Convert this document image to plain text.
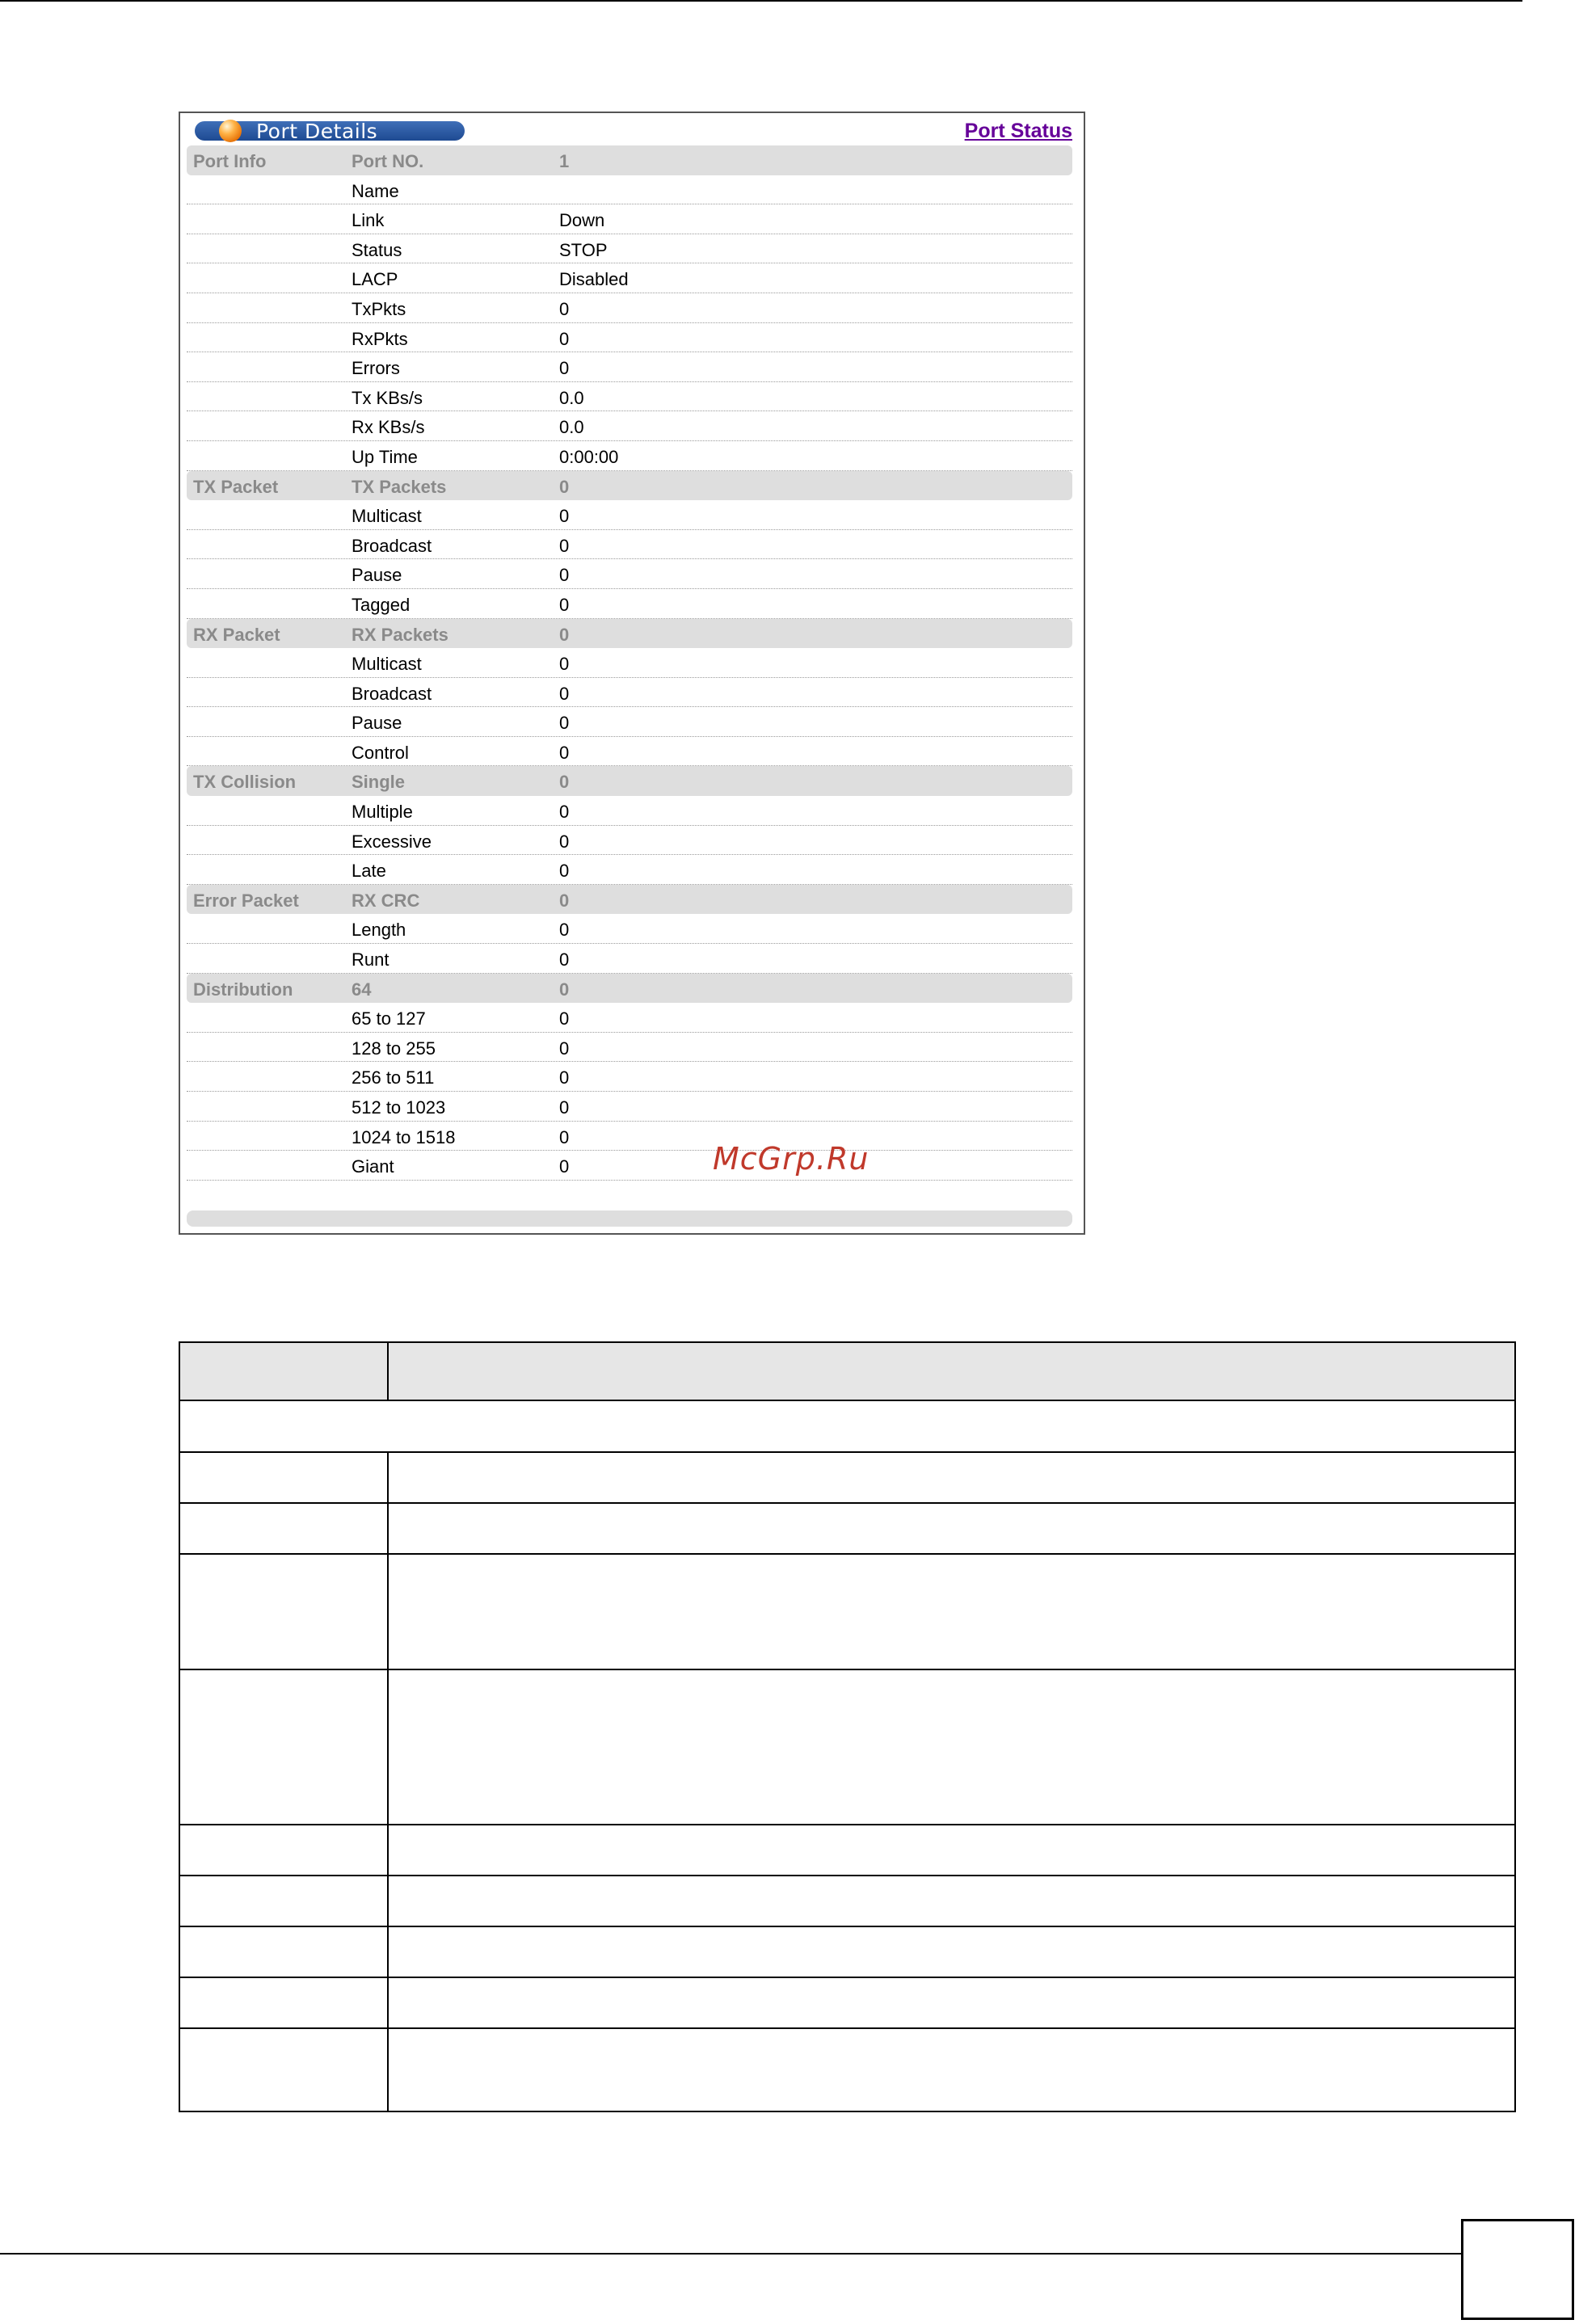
Port Details	Port Status
Port Info	Port NO.	1
Name
Link	Down
Status	STOP
LACP	Disabled
TxPkts	0
RxPkts	0
Errors	0
Tx KBs/s	0.0
Rx KBs/s	0.0
Up Time	0:00:00
TX Packet	TX Packets	0
Multicast	0
Broadcast	0
Pause	0
Tagged	0
RX Packet	RX Packets	0
Multicast	0
Broadcast	0
Pause	0
Control	0
TX Collision	Single	0
Multiple	0
Excessive	0
Late	0
Error Packet	RX CRC	0
Length	0
Runt	0
Distribution	64	0
65 to 127	0
128 to 255	0
256 to 511	0
512 to 1023	0
1024 to 1518	0
Giant	0	McGrp.Ru
